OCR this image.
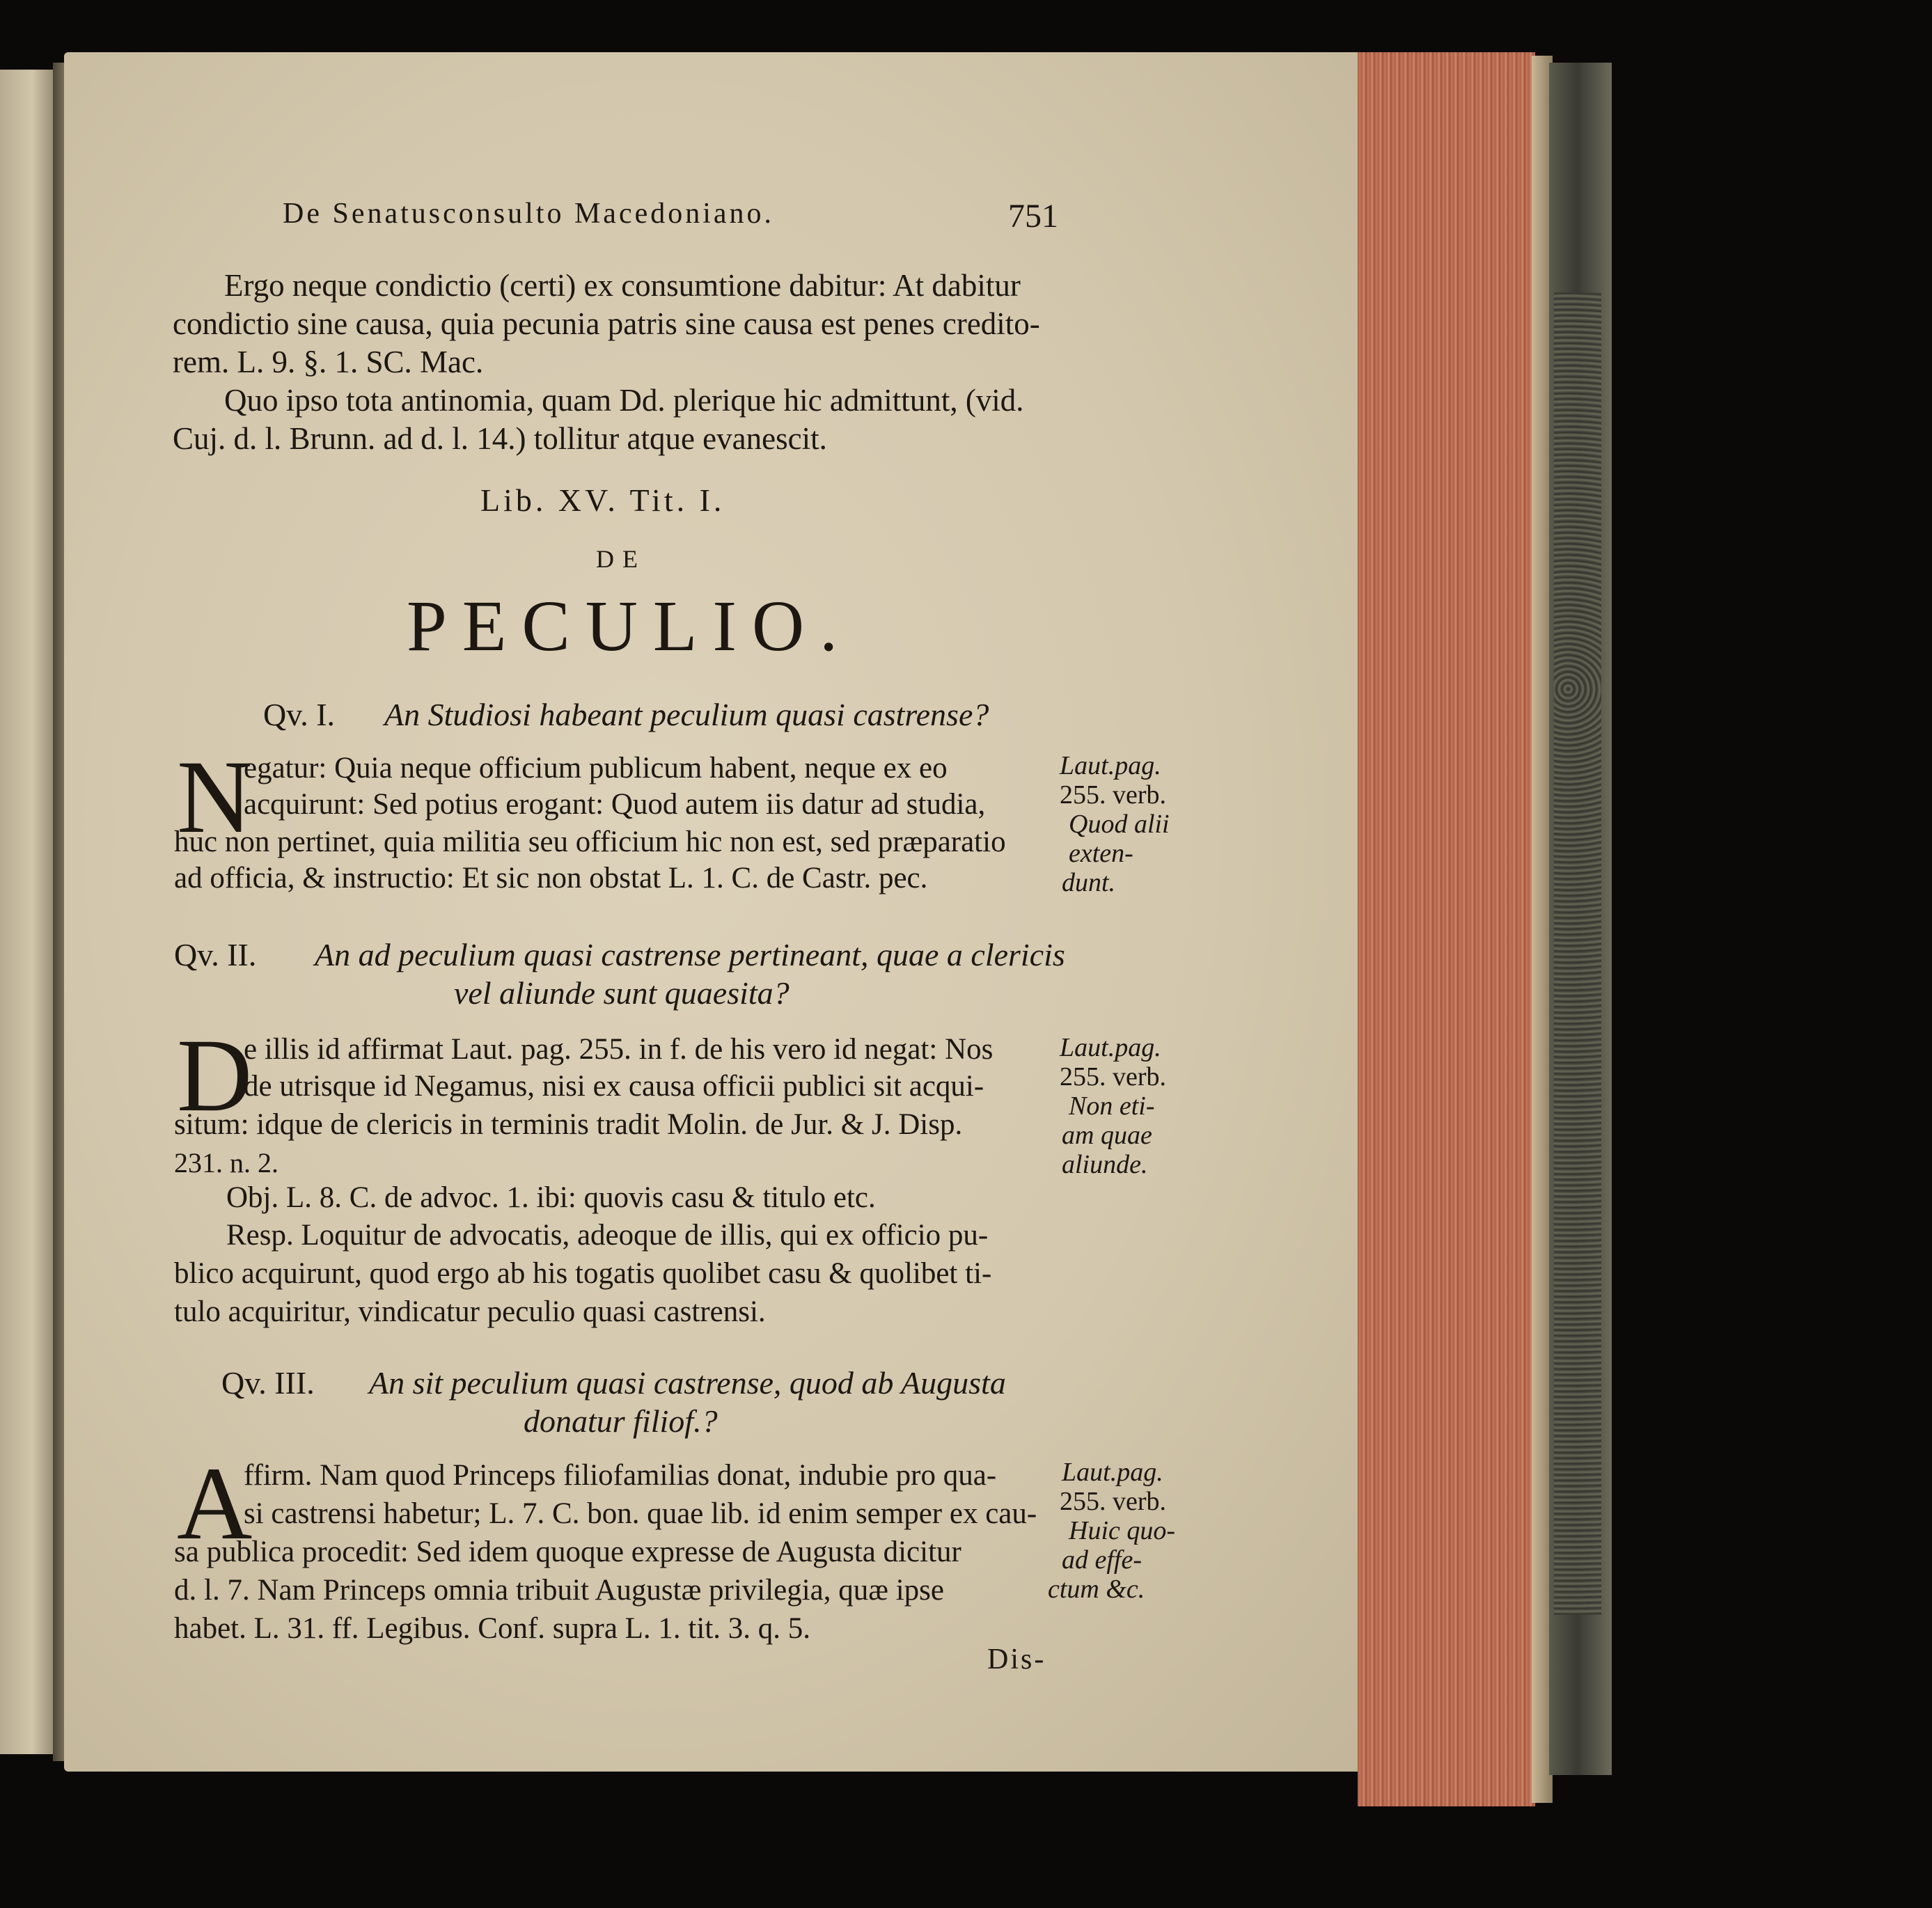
De Senatusconsulto Macedoniano.	751
Ergo neque condictio (certi) ex consumtione dabitur: At dabitur
condictio sine causa, quia pecunia patris sine causa est penes credito-
rem. L. 9. §. 1. SC. Mac.
Quo ipso tota antinomia, quam Dd. plerique hic admittunt, (vid.
Cuj. d. l. Brunn. ad d. l. 14.) tollitur atque evanescit.
Lib. XV. Tit. I.
DE
PECULIO.
Qv. I. An Studiosi habeant peculium quasi castrense?
N
egatur: Quia neque officium publicum habent, neque ex eo
acquirunt: Sed potius erogant: Quod autem iis datur ad studia,
huc non pertinet, quia militia seu officium hic non est, sed præparatio
ad officia, & instructio: Et sic non obstat L. 1. C. de Castr. pec.
Laut.pag.
255. verb.
Quod alii
exten-
dunt.
Qv. II. An ad peculium quasi castrense pertineant, quae a clericis
vel aliunde sunt quaesita?
D
e illis id affirmat Laut. pag. 255. in f. de his vero id negat: Nos
de utrisque id Negamus, nisi ex causa officii publici sit acqui-
situm: idque de clericis in terminis tradit Molin. de Jur. & J. Disp.
231. n. 2.
Obj. L. 8. C. de advoc. 1. ibi: quovis casu & titulo etc.
Resp. Loquitur de advocatis, adeoque de illis, qui ex officio pu-
blico acquirunt, quod ergo ab his togatis quolibet casu & quolibet ti-
tulo acquiritur, vindicatur peculio quasi castrensi.
Laut.pag.
255. verb.
Non eti-
am quae
aliunde.
Qv. III. An sit peculium quasi castrense, quod ab Augusta
donatur filiof.?
A
ffirm. Nam quod Princeps filiofamilias donat, indubie pro qua-
si castrensi habetur; L. 7. C. bon. quae lib. id enim semper ex cau-
sa publica procedit: Sed idem quoque expresse de Augusta dicitur
d. l. 7. Nam Princeps omnia tribuit Augustæ privilegia, quæ ipse
habet. L. 31. ff. Legibus. Conf. supra L. 1. tit. 3. q. 5.
Laut.pag.
255. verb.
Huic quo-
ad effe-
ctum &c.
Dis-
